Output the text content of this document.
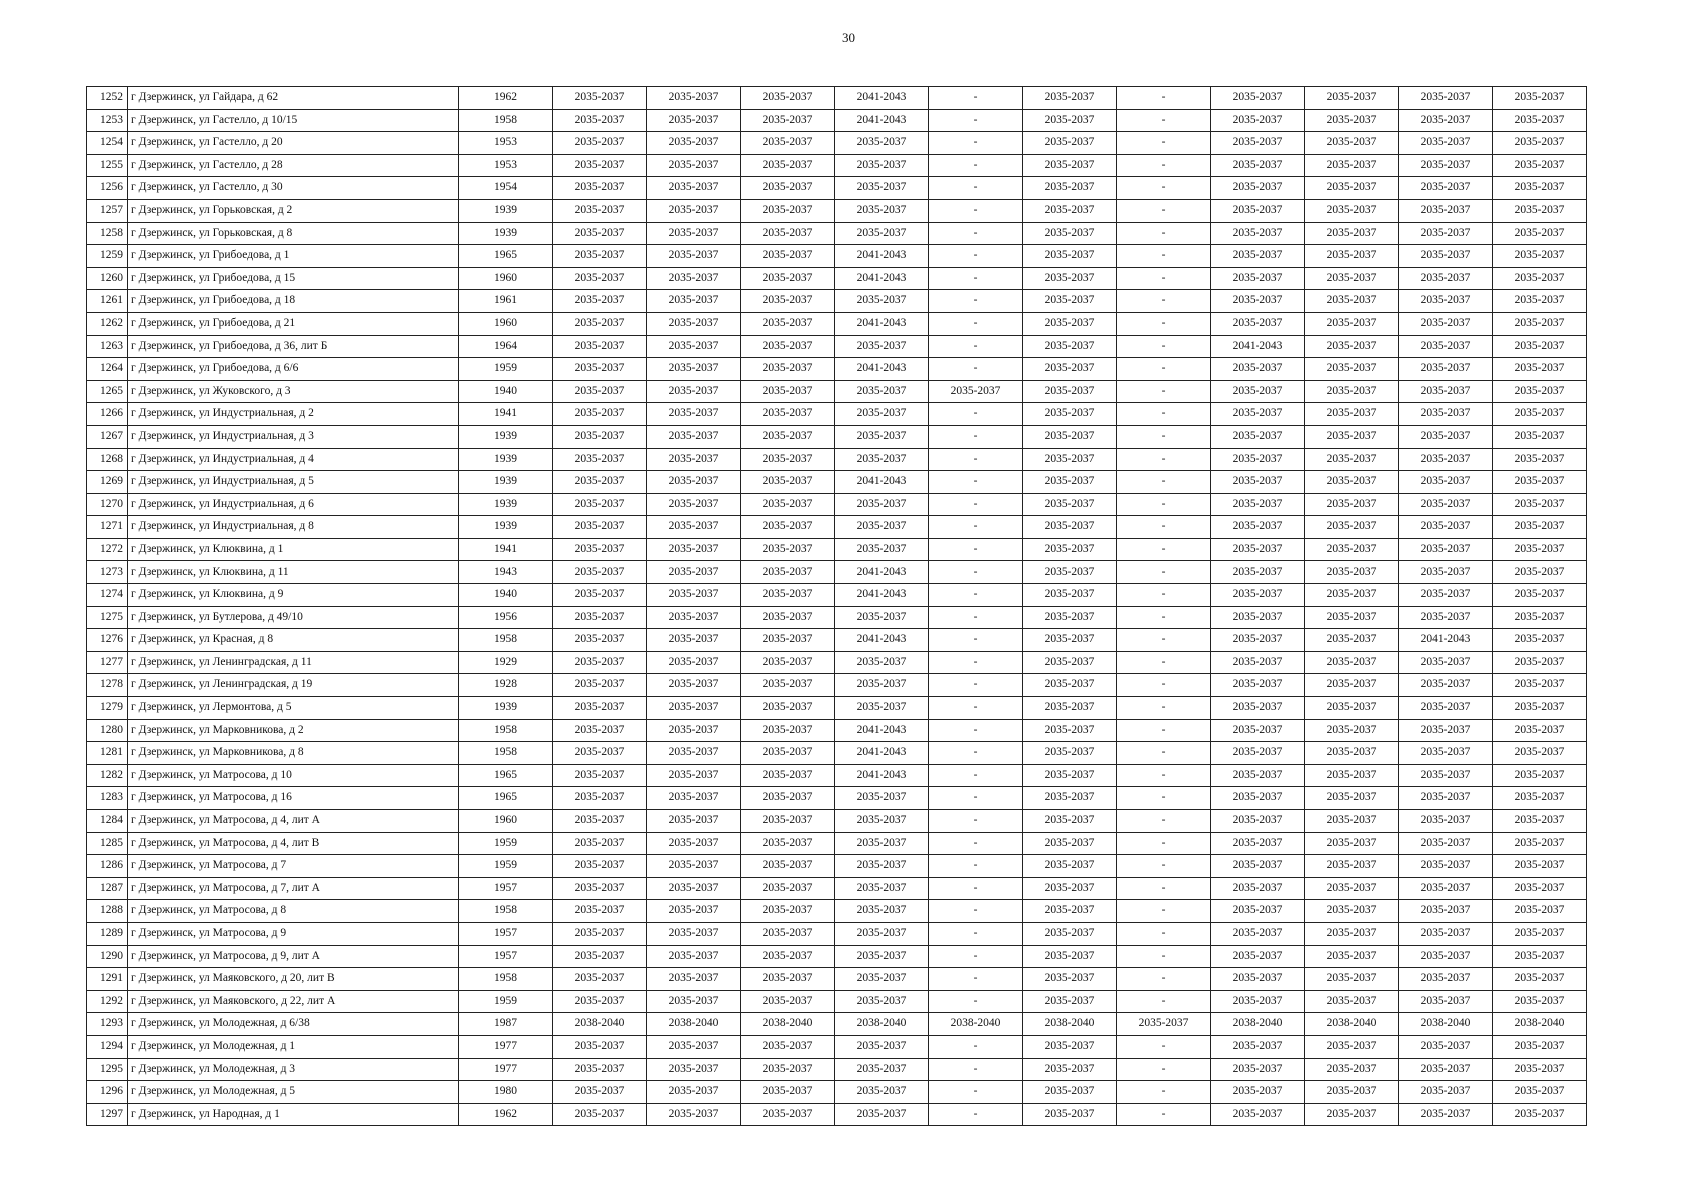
30
1252	г Дзержинск, ул Гайдара, д 62	1962	2035-2037	2035-2037	2035-2037	2041-2043	-	2035-2037	-	2035-2037	2035-2037	2035-2037	2035-2037
1253	г Дзержинск, ул Гастелло, д 10/15	1958	2035-2037	2035-2037	2035-2037	2041-2043	-	2035-2037	-	2035-2037	2035-2037	2035-2037	2035-2037
1254	г Дзержинск, ул Гастелло, д 20	1953	2035-2037	2035-2037	2035-2037	2035-2037	-	2035-2037	-	2035-2037	2035-2037	2035-2037	2035-2037
1255	г Дзержинск, ул Гастелло, д 28	1953	2035-2037	2035-2037	2035-2037	2035-2037	-	2035-2037	-	2035-2037	2035-2037	2035-2037	2035-2037
1256	г Дзержинск, ул Гастелло, д 30	1954	2035-2037	2035-2037	2035-2037	2035-2037	-	2035-2037	-	2035-2037	2035-2037	2035-2037	2035-2037
1257	г Дзержинск, ул Горьковская, д 2	1939	2035-2037	2035-2037	2035-2037	2035-2037	-	2035-2037	-	2035-2037	2035-2037	2035-2037	2035-2037
1258	г Дзержинск, ул Горьковская, д 8	1939	2035-2037	2035-2037	2035-2037	2035-2037	-	2035-2037	-	2035-2037	2035-2037	2035-2037	2035-2037
1259	г Дзержинск, ул Грибоедова, д 1	1965	2035-2037	2035-2037	2035-2037	2041-2043	-	2035-2037	-	2035-2037	2035-2037	2035-2037	2035-2037
1260	г Дзержинск, ул Грибоедова, д 15	1960	2035-2037	2035-2037	2035-2037	2041-2043	-	2035-2037	-	2035-2037	2035-2037	2035-2037	2035-2037
1261	г Дзержинск, ул Грибоедова, д 18	1961	2035-2037	2035-2037	2035-2037	2035-2037	-	2035-2037	-	2035-2037	2035-2037	2035-2037	2035-2037
1262	г Дзержинск, ул Грибоедова, д 21	1960	2035-2037	2035-2037	2035-2037	2041-2043	-	2035-2037	-	2035-2037	2035-2037	2035-2037	2035-2037
1263	г Дзержинск, ул Грибоедова, д 36, лит Б	1964	2035-2037	2035-2037	2035-2037	2035-2037	-	2035-2037	-	2041-2043	2035-2037	2035-2037	2035-2037
1264	г Дзержинск, ул Грибоедова, д 6/6	1959	2035-2037	2035-2037	2035-2037	2041-2043	-	2035-2037	-	2035-2037	2035-2037	2035-2037	2035-2037
1265	г Дзержинск, ул Жуковского, д 3	1940	2035-2037	2035-2037	2035-2037	2035-2037	2035-2037	2035-2037	-	2035-2037	2035-2037	2035-2037	2035-2037
1266	г Дзержинск, ул Индустриальная, д 2	1941	2035-2037	2035-2037	2035-2037	2035-2037	-	2035-2037	-	2035-2037	2035-2037	2035-2037	2035-2037
1267	г Дзержинск, ул Индустриальная, д 3	1939	2035-2037	2035-2037	2035-2037	2035-2037	-	2035-2037	-	2035-2037	2035-2037	2035-2037	2035-2037
1268	г Дзержинск, ул Индустриальная, д 4	1939	2035-2037	2035-2037	2035-2037	2035-2037	-	2035-2037	-	2035-2037	2035-2037	2035-2037	2035-2037
1269	г Дзержинск, ул Индустриальная, д 5	1939	2035-2037	2035-2037	2035-2037	2041-2043	-	2035-2037	-	2035-2037	2035-2037	2035-2037	2035-2037
1270	г Дзержинск, ул Индустриальная, д 6	1939	2035-2037	2035-2037	2035-2037	2035-2037	-	2035-2037	-	2035-2037	2035-2037	2035-2037	2035-2037
1271	г Дзержинск, ул Индустриальная, д 8	1939	2035-2037	2035-2037	2035-2037	2035-2037	-	2035-2037	-	2035-2037	2035-2037	2035-2037	2035-2037
1272	г Дзержинск, ул Клюквина, д 1	1941	2035-2037	2035-2037	2035-2037	2035-2037	-	2035-2037	-	2035-2037	2035-2037	2035-2037	2035-2037
1273	г Дзержинск, ул Клюквина, д 11	1943	2035-2037	2035-2037	2035-2037	2041-2043	-	2035-2037	-	2035-2037	2035-2037	2035-2037	2035-2037
1274	г Дзержинск, ул Клюквина, д 9	1940	2035-2037	2035-2037	2035-2037	2041-2043	-	2035-2037	-	2035-2037	2035-2037	2035-2037	2035-2037
1275	г Дзержинск, ул Бутлерова, д 49/10	1956	2035-2037	2035-2037	2035-2037	2035-2037	-	2035-2037	-	2035-2037	2035-2037	2035-2037	2035-2037
1276	г Дзержинск, ул Красная, д 8	1958	2035-2037	2035-2037	2035-2037	2041-2043	-	2035-2037	-	2035-2037	2035-2037	2041-2043	2035-2037
1277	г Дзержинск, ул Ленинградская, д 11	1929	2035-2037	2035-2037	2035-2037	2035-2037	-	2035-2037	-	2035-2037	2035-2037	2035-2037	2035-2037
1278	г Дзержинск, ул Ленинградская, д 19	1928	2035-2037	2035-2037	2035-2037	2035-2037	-	2035-2037	-	2035-2037	2035-2037	2035-2037	2035-2037
1279	г Дзержинск, ул Лермонтова, д 5	1939	2035-2037	2035-2037	2035-2037	2035-2037	-	2035-2037	-	2035-2037	2035-2037	2035-2037	2035-2037
1280	г Дзержинск, ул Марковникова, д 2	1958	2035-2037	2035-2037	2035-2037	2041-2043	-	2035-2037	-	2035-2037	2035-2037	2035-2037	2035-2037
1281	г Дзержинск, ул Марковникова, д 8	1958	2035-2037	2035-2037	2035-2037	2041-2043	-	2035-2037	-	2035-2037	2035-2037	2035-2037	2035-2037
1282	г Дзержинск, ул Матросова, д 10	1965	2035-2037	2035-2037	2035-2037	2041-2043	-	2035-2037	-	2035-2037	2035-2037	2035-2037	2035-2037
1283	г Дзержинск, ул Матросова, д 16	1965	2035-2037	2035-2037	2035-2037	2035-2037	-	2035-2037	-	2035-2037	2035-2037	2035-2037	2035-2037
1284	г Дзержинск, ул Матросова, д 4, лит А	1960	2035-2037	2035-2037	2035-2037	2035-2037	-	2035-2037	-	2035-2037	2035-2037	2035-2037	2035-2037
1285	г Дзержинск, ул Матросова, д 4, лит В	1959	2035-2037	2035-2037	2035-2037	2035-2037	-	2035-2037	-	2035-2037	2035-2037	2035-2037	2035-2037
1286	г Дзержинск, ул Матросова, д 7	1959	2035-2037	2035-2037	2035-2037	2035-2037	-	2035-2037	-	2035-2037	2035-2037	2035-2037	2035-2037
1287	г Дзержинск, ул Матросова, д 7, лит А	1957	2035-2037	2035-2037	2035-2037	2035-2037	-	2035-2037	-	2035-2037	2035-2037	2035-2037	2035-2037
1288	г Дзержинск, ул Матросова, д 8	1958	2035-2037	2035-2037	2035-2037	2035-2037	-	2035-2037	-	2035-2037	2035-2037	2035-2037	2035-2037
1289	г Дзержинск, ул Матросова, д 9	1957	2035-2037	2035-2037	2035-2037	2035-2037	-	2035-2037	-	2035-2037	2035-2037	2035-2037	2035-2037
1290	г Дзержинск, ул Матросова, д 9, лит А	1957	2035-2037	2035-2037	2035-2037	2035-2037	-	2035-2037	-	2035-2037	2035-2037	2035-2037	2035-2037
1291	г Дзержинск, ул Маяковского, д 20, лит В	1958	2035-2037	2035-2037	2035-2037	2035-2037	-	2035-2037	-	2035-2037	2035-2037	2035-2037	2035-2037
1292	г Дзержинск, ул Маяковского, д 22, лит А	1959	2035-2037	2035-2037	2035-2037	2035-2037	-	2035-2037	-	2035-2037	2035-2037	2035-2037	2035-2037
1293	г Дзержинск, ул Молодежная, д 6/38	1987	2038-2040	2038-2040	2038-2040	2038-2040	2038-2040	2038-2040	2035-2037	2038-2040	2038-2040	2038-2040	2038-2040
1294	г Дзержинск, ул Молодежная, д 1	1977	2035-2037	2035-2037	2035-2037	2035-2037	-	2035-2037	-	2035-2037	2035-2037	2035-2037	2035-2037
1295	г Дзержинск, ул Молодежная, д 3	1977	2035-2037	2035-2037	2035-2037	2035-2037	-	2035-2037	-	2035-2037	2035-2037	2035-2037	2035-2037
1296	г Дзержинск, ул Молодежная, д 5	1980	2035-2037	2035-2037	2035-2037	2035-2037	-	2035-2037	-	2035-2037	2035-2037	2035-2037	2035-2037
1297	г Дзержинск, ул Народная, д 1	1962	2035-2037	2035-2037	2035-2037	2035-2037	-	2035-2037	-	2035-2037	2035-2037	2035-2037	2035-2037
